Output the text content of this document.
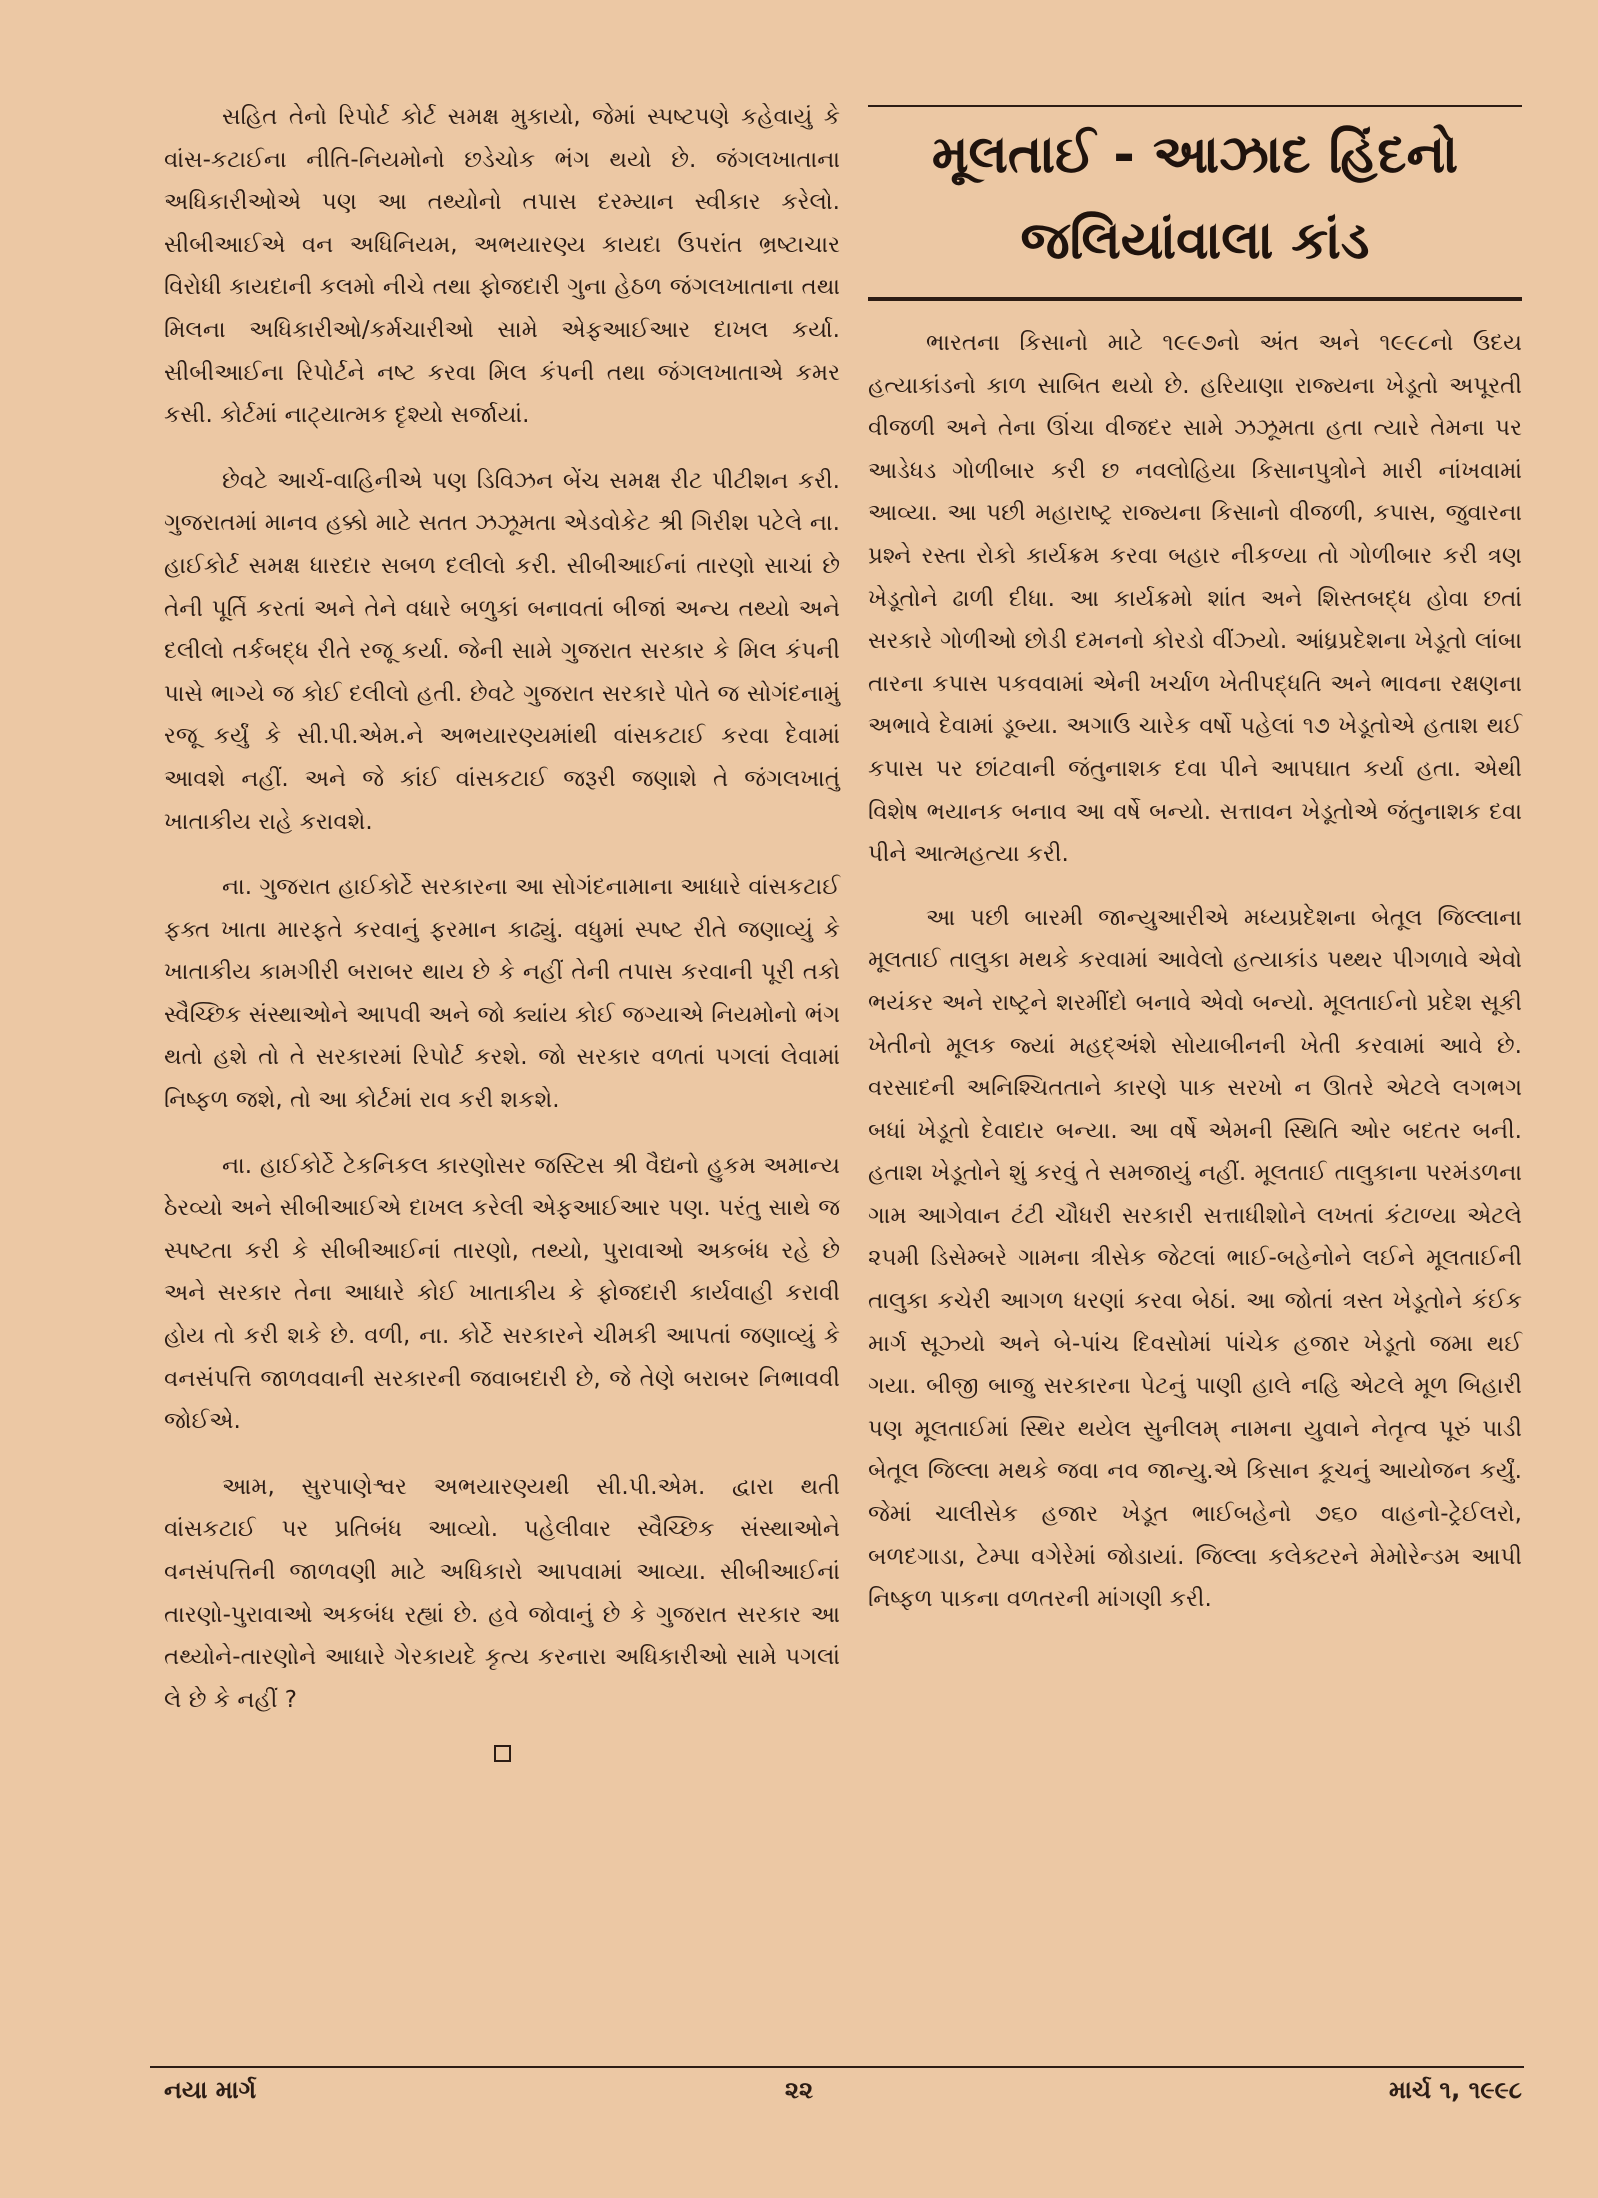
સહિત તેનો રિપોર્ટ કોર્ટ સમક્ષ મુકાયો, જેમાં સ્પષ્ટપણે કહેવાયું કે વાંસ-કટાઈના નીતિ-નિયમોનો છડેચોક ભંગ થયો છે. જંગલખાતાના અધિકારીઓએ પણ આ તથ્યોનો તપાસ દરમ્યાન સ્વીકાર કરેલો. સીબીઆઈએ વન અધિનિયમ, અભયારણ્ય કાયદા ઉપરાંત ભ્રષ્ટાચાર વિરોધી કાયદાની કલમો નીચે તથા ફોજદારી ગુના હેઠળ જંગલખાતાના તથા મિલના અધિકારીઓ/કર્મચારીઓ સામે એફઆઈઆર દાખલ કર્યા. સીબીઆઈના રિપોર્ટને નષ્ટ કરવા મિલ કંપની તથા જંગલખાતાએ કમર કસી. કોર્ટમાં નાટ્યાત્મક દૃશ્યો સર્જાયાં.

છેવટે આર્ચ-વાહિનીએ પણ ડિવિઝન બેંચ સમક્ષ રીટ પીટીશન કરી. ગુજરાતમાં માનવ હક્કો માટે સતત ઝઝૂમતા એડવોકેટ શ્રી ગિરીશ પટેલે ના. હાઈકોર્ટ સમક્ષ ધારદાર સબળ દલીલો કરી. સીબીઆઈનાં તારણો સાચાં છે તેની પૂર્તિ કરતાં અને તેને વધારે બળુકાં બનાવતાં બીજાં અન્ય તથ્યો અને દલીલો તર્કબદ્ધ રીતે રજૂ કર્યા. જેની સામે ગુજરાત સરકાર કે મિલ કંપની પાસે ભાગ્યે જ કોઈ દલીલો હતી. છેવટે ગુજરાત સરકારે પોતે જ સોગંદનામું રજૂ કર્યું કે સી.પી.એમ.ને અભયારણ્યમાંથી વાંસકટાઈ કરવા દેવામાં આવશે નહીં. અને જે કાંઈ વાંસકટાઈ જરૂરી જણાશે તે જંગલખાતું ખાતાકીય રાહે કરાવશે.

ના. ગુજરાત હાઈકોર્ટે સરકારના આ સોગંદનામાના આધારે વાંસકટાઈ ફક્ત ખાતા મારફતે કરવાનું ફરમાન કાઢ્યું. વધુમાં સ્પષ્ટ રીતે જણાવ્યું કે ખાતાકીય કામગીરી બરાબર થાય છે કે નહીં તેની તપાસ કરવાની પૂરી તકો સ્વૈચ્છિક સંસ્થાઓને આપવી અને જો ક્યાંય કોઈ જગ્યાએ નિયમોનો ભંગ થતો હશે તો તે સરકારમાં રિપોર્ટ કરશે. જો સરકાર વળતાં પગલાં લેવામાં નિષ્ફળ જશે, તો આ કોર્ટમાં રાવ કરી શકશે.

ના. હાઈકોર્ટે ટેકનિકલ કારણોસર જસ્ટિસ શ્રી વૈદ્યનો હુકમ અમાન્ય ઠેરવ્યો અને સીબીઆઈએ દાખલ કરેલી એફઆઈઆર પણ. પરંતુ સાથે જ સ્પષ્ટતા કરી કે સીબીઆઈનાં તારણો, તથ્યો, પુરાવાઓ અકબંધ રહે છે અને સરકાર તેના આધારે કોઈ ખાતાકીય કે ફોજદારી કાર્યવાહી કરાવી હોય તો કરી શકે છે. વળી, ના. કોર્ટે સરકારને ચીમકી આપતાં જણાવ્યું કે વનસંપત્તિ જાળવવાની સરકારની જવાબદારી છે, જે તેણે બરાબર નિભાવવી જોઈએ.

આમ, સુરપાણેશ્વર અભયારણ્યથી સી.પી.એમ. દ્વારા થતી વાંસકટાઈ પર પ્રતિબંધ આવ્યો. પહેલીવાર સ્વૈચ્છિક સંસ્થાઓને વનસંપત્તિની જાળવણી માટે અધિકારો આપવામાં આવ્યા. સીબીઆઈનાં તારણો-પુરાવાઓ અકબંધ રહ્યાં છે. હવે જોવાનું છે કે ગુજરાત સરકાર આ તથ્યોને-તારણોને આધારે ગેરકાયદે કૃત્ય કરનારા અધિકારીઓ સામે પગલાં લે છે કે નહીં ?

મૂલતાઈ - આઝાદ હિંદનો
જલિયાંવાલા કાંડ

ભારતના કિસાનો માટે ૧૯૯૭નો અંત અને ૧૯૯૮નો ઉદય હત્યાકાંડનો કાળ સાબિત થયો છે. હરિયાણા રાજ્યના ખેડૂતો અપૂરતી વીજળી અને તેના ઊંચા વીજદર સામે ઝઝૂમતા હતા ત્યારે તેમના પર આડેધડ ગોળીબાર કરી છ નવલોહિયા કિસાનપુત્રોને મારી નાંખવામાં આવ્યા. આ પછી મહારાષ્ટ્ર રાજ્યના કિસાનો વીજળી, કપાસ, જુવારના પ્રશ્ને રસ્તા રોકો કાર્યક્રમ કરવા બહાર નીકળ્યા તો ગોળીબાર કરી ત્રણ ખેડૂતોને ઢાળી દીધા. આ કાર્યક્રમો શાંત અને શિસ્તબદ્ધ હોવા છતાં સરકારે ગોળીઓ છોડી દમનનો કોરડો વીંઝ્યો. આંધ્રપ્રદેશના ખેડૂતો લાંબા તારના કપાસ પકવવામાં એની ખર્ચાળ ખેતીપદ્ધતિ અને ભાવના રક્ષણના અભાવે દેવામાં ડૂબ્યા. અગાઉ ચારેક વર્ષો પહેલાં ૧૭ ખેડૂતોએ હતાશ થઈ કપાસ પર છાંટવાની જંતુનાશક દવા પીને આપઘાત કર્યા હતા. એથી વિશેષ ભયાનક બનાવ આ વર્ષે બન્યો. સત્તાવન ખેડૂતોએ જંતુનાશક દવા પીને આત્મહત્યા કરી.

આ પછી બારમી જાન્યુઆરીએ મધ્યપ્રદેશના બેતૂલ જિલ્લાના મૂલતાઈ તાલુકા મથકે કરવામાં આવેલો હત્યાકાંડ પથ્થર પીગળાવે એવો ભયંકર અને રાષ્ટ્રને શરમીંદો બનાવે એવો બન્યો. મૂલતાઈનો પ્રદેશ સૂકી ખેતીનો મૂલક જ્યાં મહદ્અંશે સોયાબીનની ખેતી કરવામાં આવે છે. વરસાદની અનિશ્ચિતતાને કારણે પાક સરખો ન ઊતરે એટલે લગભગ બધાં ખેડૂતો દેવાદાર બન્યા. આ વર્ષે એમની સ્થિતિ ઓર બદતર બની. હતાશ ખેડૂતોને શું કરવું તે સમજાયું નહીં. મૂલતાઈ તાલુકાના પરમંડળના ગામ આગેવાન ટંટી ચૌધરી સરકારી સત્તાધીશોને લખતાં કંટાળ્યા એટલે ૨૫મી ડિસેમ્બરે ગામના ત્રીસેક જેટલાં ભાઈ-બહેનોને લઈને મૂલતાઈની તાલુકા કચેરી આગળ ધરણાં કરવા બેઠાં. આ જોતાં ત્રસ્ત ખેડૂતોને કંઈક માર્ગ સૂઝ્યો અને બે-પાંચ દિવસોમાં પાંચેક હજાર ખેડૂતો જમા થઈ ગયા. બીજી બાજુ સરકારના પેટનું પાણી હાલે નહિ એટલે મૂળ બિહારી પણ મૂલતાઈમાં સ્થિર થયેલ સુનીલમ્ નામના યુવાને નેતૃત્વ પૂરું પાડી બેતૂલ જિલ્લા મથકે જવા નવ જાન્યુ.એ કિસાન કૂચનું આયોજન કર્યું. જેમાં ચાલીસેક હજાર ખેડૂત ભાઈબહેનો ૭૬૦ વાહનો-ટ્રેઈલરો, બળદગાડા, ટેમ્પા વગેરેમાં જોડાયાં. જિલ્લા કલેક્ટરને મેમોરેન્ડમ આપી નિષ્ફળ પાકના વળતરની માંગણી કરી.

નયા માર્ગ	૨૨	માર્ચ ૧, ૧૯૯૮
